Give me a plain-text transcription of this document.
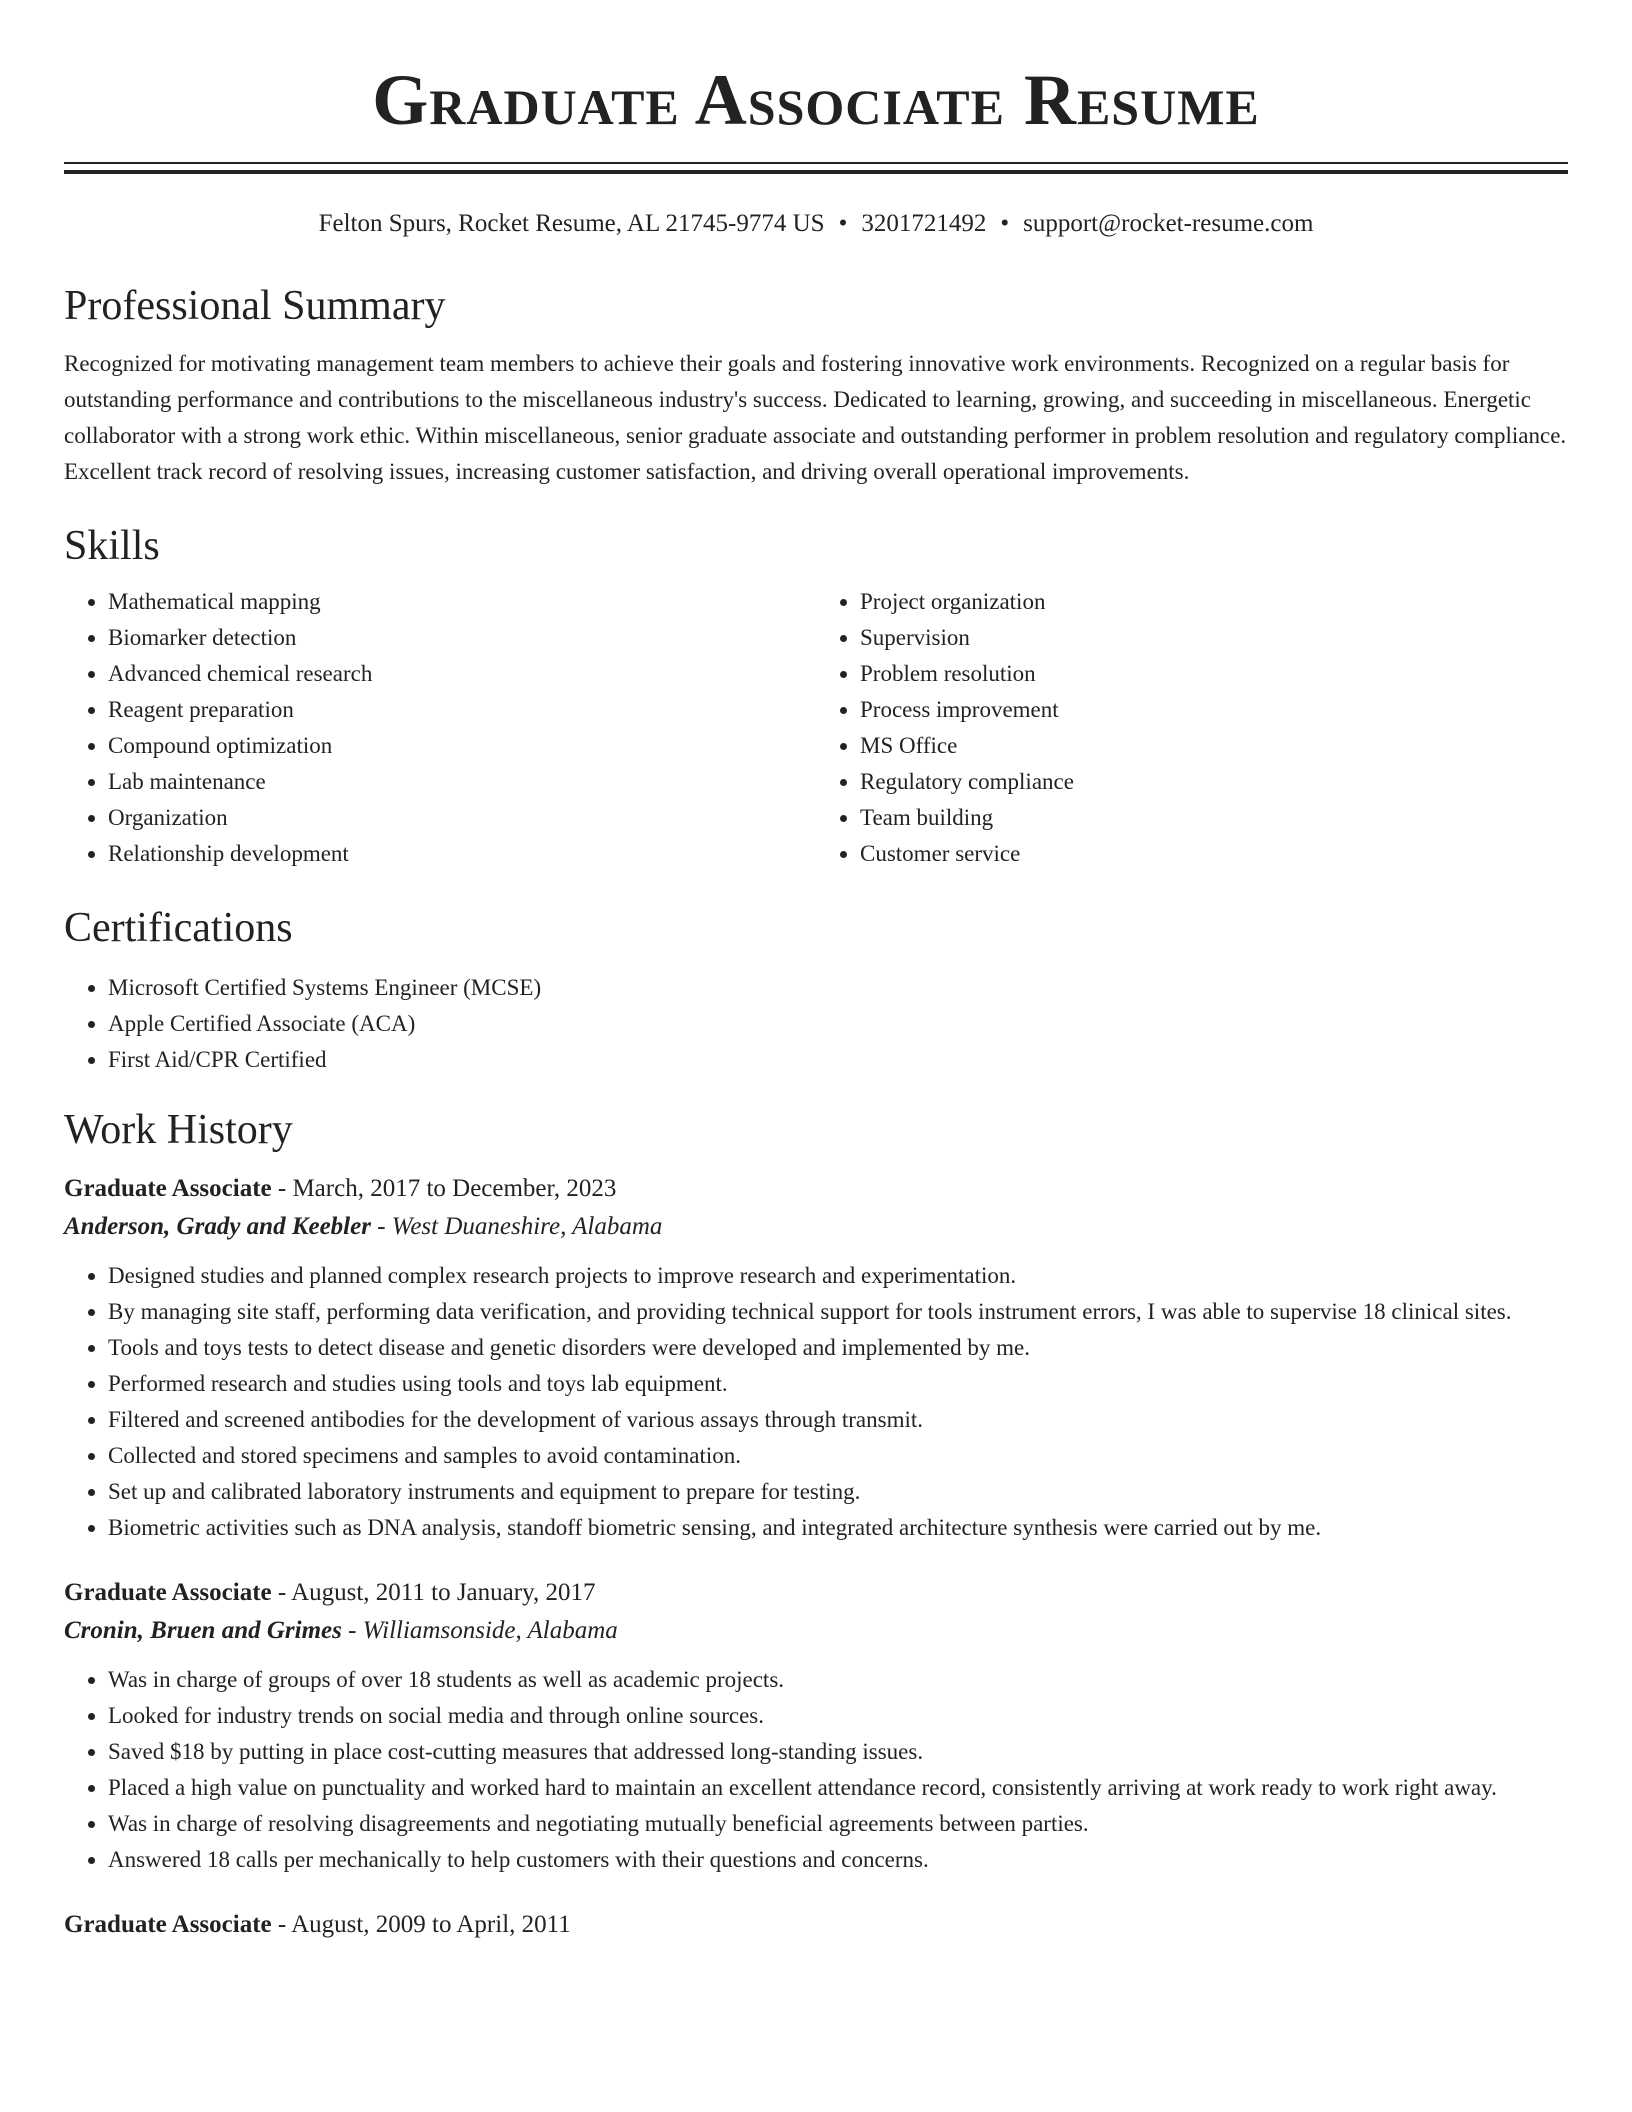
Graduate Associate Resume
Felton Spurs, Rocket Resume, AL 21745-9774 US • 3201721492 • support@rocket-resume.com
Professional Summary

Recognized for motivating management team members to achieve their goals and fostering innovative work environments. Recognized on a regular basis for outstanding performance and contributions to the miscellaneous industry's success. Dedicated to learning, growing, and succeeding in miscellaneous. Energetic collaborator with a strong work ethic. Within miscellaneous, senior graduate associate and outstanding performer in problem resolution and regulatory compliance. Excellent track record of resolving issues, increasing customer satisfaction, and driving overall operational improvements.

Skills
• Mathematical mapping
• Biomarker detection
• Advanced chemical research
• Reagent preparation
• Compound optimization
• Lab maintenance
• Organization
• Relationship development
• Project organization
• Supervision
• Problem resolution
• Process improvement
• MS Office
• Regulatory compliance
• Team building
• Customer service
Certifications
• Microsoft Certified Systems Engineer (MCSE)
• Apple Certified Associate (ACA)
• First Aid/CPR Certified
Work History
Graduate Associate - March, 2017 to December, 2023
Anderson, Grady and Keebler - West Duaneshire, Alabama
• Designed studies and planned complex research projects to improve research and experimentation.
• By managing site staff, performing data verification, and providing technical support for tools instrument errors, I was able to supervise 18 clinical sites.
• Tools and toys tests to detect disease and genetic disorders were developed and implemented by me.
• Performed research and studies using tools and toys lab equipment.
• Filtered and screened antibodies for the development of various assays through transmit.
• Collected and stored specimens and samples to avoid contamination.
• Set up and calibrated laboratory instruments and equipment to prepare for testing.
• Biometric activities such as DNA analysis, standoff biometric sensing, and integrated architecture synthesis were carried out by me.
Graduate Associate - August, 2011 to January, 2017
Cronin, Bruen and Grimes - Williamsonside, Alabama
• Was in charge of groups of over 18 students as well as academic projects.
• Looked for industry trends on social media and through online sources.
• Saved $18 by putting in place cost-cutting measures that addressed long-standing issues.
• Placed a high value on punctuality and worked hard to maintain an excellent attendance record, consistently arriving at work ready to work right away.
• Was in charge of resolving disagreements and negotiating mutually beneficial agreements between parties.
• Answered 18 calls per mechanically to help customers with their questions and concerns.
Graduate Associate - August, 2009 to April, 2011
